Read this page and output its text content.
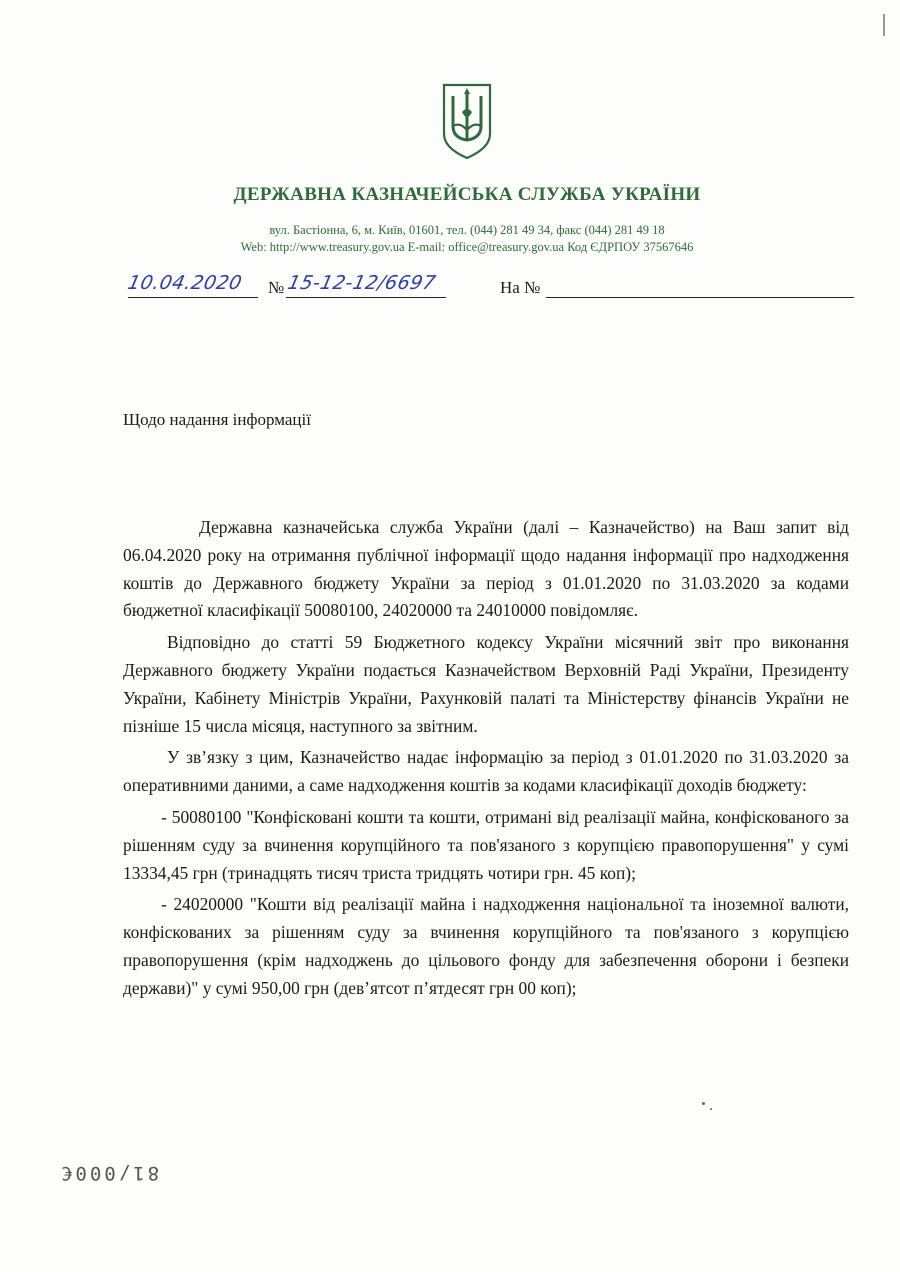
ДЕРЖАВНА КАЗНАЧЕЙСЬКА СЛУЖБА УКРАЇНИ
вул. Бастіонна, 6, м. Київ, 01601, тел. (044) 281 49 34, факс (044) 281 49 18
Web: http://www.treasury.gov.ua E-mail: office@treasury.gov.ua Код ЄДРПОУ 37567646
10.04.2020 № 15-12-12/6697	На №
Щодо надання інформації

Державна казначейська служба України (далі – Казначейство) на Ваш запит від 06.04.2020 року на отримання публічної інформації щодо надання інформації про надходження коштів до Державного бюджету України за період з 01.01.2020 по 31.03.2020 за кодами бюджетної класифікації 50080100, 24020000 та 24010000 повідомляє.

Відповідно до статті 59 Бюджетного кодексу України місячний звіт про виконання Державного бюджету України подається Казначейством Верховній Раді України, Президенту України, Кабінету Міністрів України, Рахунковій палаті та Міністерству фінансів України не пізніше 15 числа місяця, наступного за звітним.

У зв’язку з цим, Казначейство надає інформацію за період з 01.01.2020 по 31.03.2020 за оперативними даними, а саме надходження коштів за кодами класифікації доходів бюджету:

- 50080100 "Конфісковані кошти та кошти, отримані від реалізації майна, конфіскованого за рішенням суду за вчинення корупційного та пов'язаного з корупцією правопорушення" у сумі 13334,45 грн (тринадцять тисяч триста тридцять чотири грн. 45 коп);

- 24020000 "Кошти від реалізації майна і надходження національної та іноземної валюти, конфіскованих за рішенням суду за вчинення корупційного та пов'язаного з корупцією правопорушення (крім надходжень до цільового фонду для забезпечення оборони і безпеки держави)" у сумі 950,00 грн (дев’ятсот п’ятдесят грн 00 коп);

81/000€
